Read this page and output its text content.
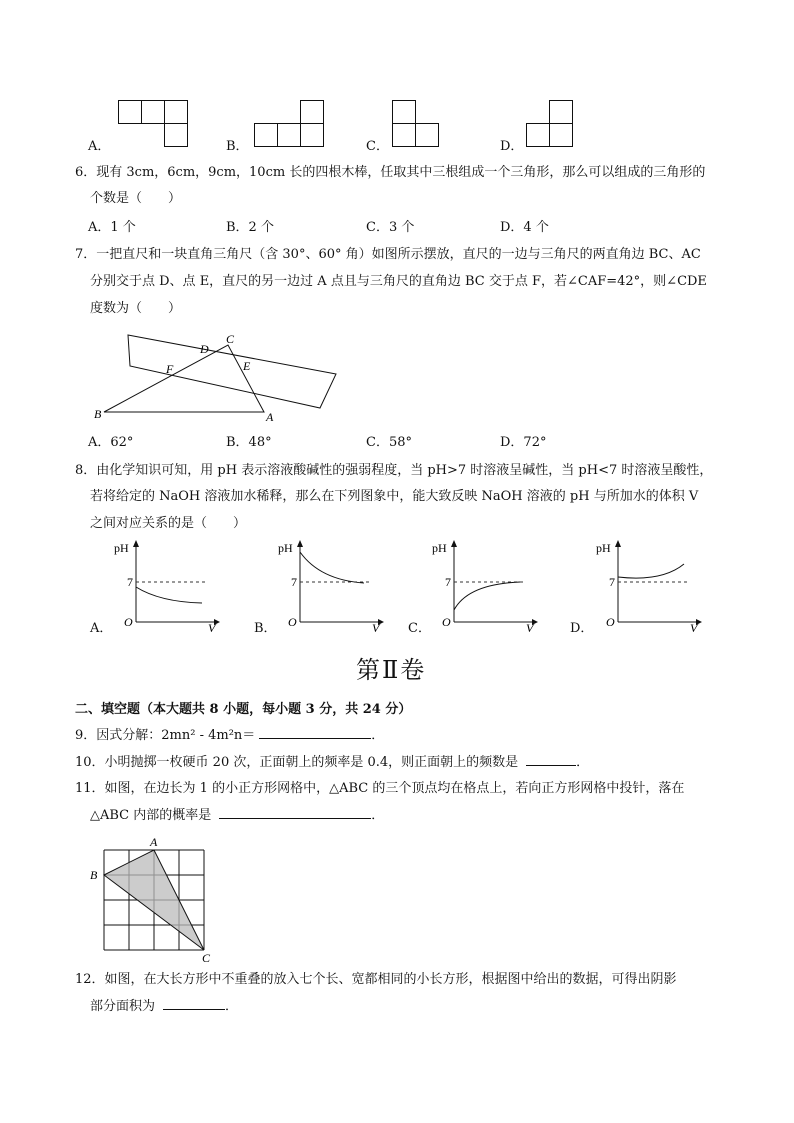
A．	B．	C．	D．
6．现有 3cm，6cm，9cm，10cm 长的四根木棒，任取其中三根组成一个三角形，那么可以组成的三角形的
个数是（　　）
A．1 个	B．2 个	C．3 个	D．4 个
7．一把直尺和一块直角三角尺（含 30°、60° 角）如图所示摆放，直尺的一边与三角尺的两直角边 BC、AC
分别交于点 D、点 E，直尺的另一边过 A 点且与三角尺的直角边 BC 交于点 F，若∠CAF=42°，则∠CDE
度数为（　　）
B	A
C
D
E
F
A．62°	B．48°	C．58°	D．72°
8．由化学知识可知，用 pH 表示溶液酸碱性的强弱程度，当 pH>7 时溶液呈碱性，当 pH<7 时溶液呈酸性，
若将给定的 NaOH 溶液加水稀释，那么在下列图象中，能大致反映 NaOH 溶液的 pH 与所加水的体积 V
之间对应关系的是（　　）
A．
pH
7
O	V	B．
pH
7
O	V C．
pH
7
O	V	D．
pH
7
O	V
第Ⅱ卷
二、填空题（本大题共 8 小题，每小题 3 分，共 24 分）
9．因式分解：2mn² - 4m²n＝	．
10．小明抛掷一枚硬币 20 次，正面朝上的频率是 0.4，则正面朝上的频数是	．
11．如图，在边长为 1 的小正方形网格中，△ABC 的三个顶点均在格点上，若向正方形网格中投针，落在
△ABC 内部的概率是	．
A
B
C
12．如图，在大长方形中不重叠的放入七个长、宽都相同的小长方形，根据图中给出的数据，可得出阴影
部分面积为	．
